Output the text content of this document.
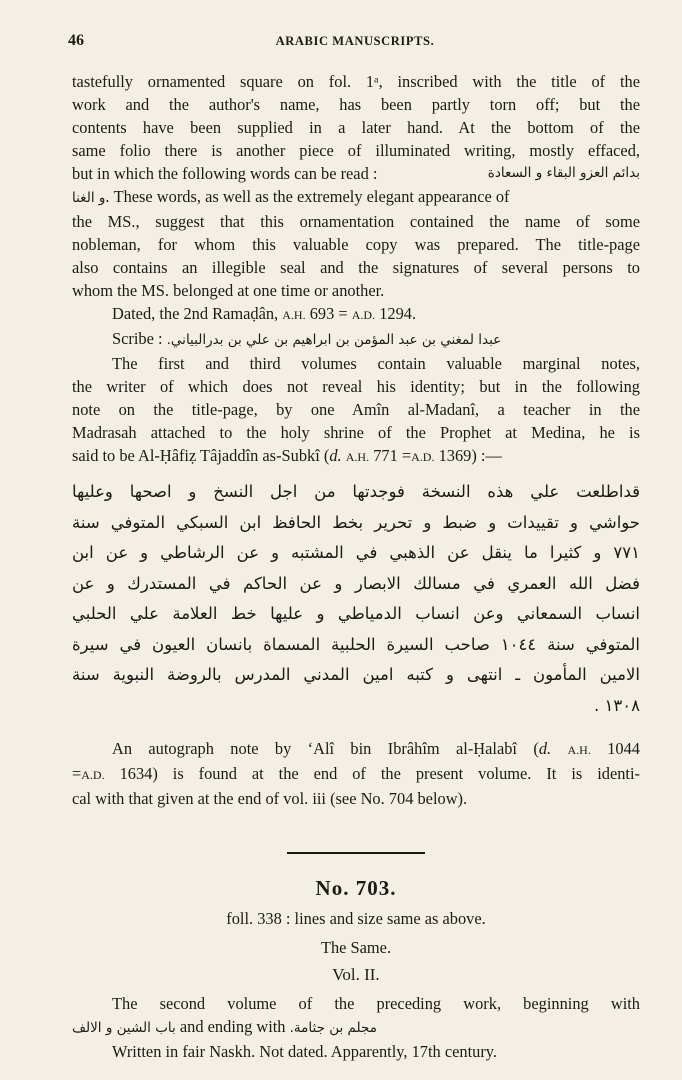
46	ARABIC MANUSCRIPTS.

tastefully ornamented square on fol. 1ᵃ, inscribed with the title of the
work and the author's name, has been partly torn off; but the
contents have been supplied in a later hand. At the bottom of the
same folio there is another piece of illuminated writing, mostly effaced,
but in which the following words can be read :	بدائم العزو البقاء و السعادة
و الغنا. These words, as well as the extremely elegant appearance of
the MS., suggest that this ornamentation contained the name of some
nobleman, for whom this valuable copy was prepared. The title-page
also contains an illegible seal and the signatures of several persons to
whom the MS. belonged at one time or another.

Dated, the 2nd Ramaḍân, A.H. 693 = A.D. 1294.

Scribe : عبدا لمغني بن عبد المؤمن بن ابراهيم بن علي بن بدرالبياني.

The first and third volumes contain valuable marginal notes,
the writer of which does not reveal his identity; but in the following
note on the title-page, by one Amîn al-Madanî, a teacher in the
Madrasah attached to the holy shrine of the Prophet at Medina, he is
said to be Al-Ḥâfiẓ Tâjaddîn as-Subkî (d. A.H. 771 =A.D. 1369) :—

قداطلعت علي هذه النسخة فوجدتها من اجل النسخ و اصحها وعليها
حواشي و تقييدات و ضبط و تحرير بخط الحافظ ابن السبكي المتوفي سنة
٧٧١ و كثيرا ما ينقل عن الذهبي في المشتبه و عن الرشاطي و عن ابن
فضل الله العمري في مسالك الابصار و عن الحاكم في المستدرك و عن
انساب السمعاني وعن انساب الدمياطي و عليها خط العلامة علي الحلبي
المتوفي سنة ١٠٤٤ صاحب السيرة الحلبية المسماة بانسان العيون في سيرة
الامين المأمون ـ انتهى و كتبه امين المدني المدرس بالروضة النبوية سنة
١٣٠٨ .

An autograph note by ʻAlî bin Ibrâhîm al-Ḥalabî (d. A.H. 1044
=A.D. 1634) is found at the end of the present volume. It is identi-
cal with that given at the end of vol. iii (see No. 704 below).

No. 703.
foll. 338 : lines and size same as above.
The Same.
Vol. II.

The second volume of the preceding work, beginning with
باب الشين و الالف and ending with مجلم بن جثامة.
Written in fair Naskh. Not dated. Apparently, 17th century.
